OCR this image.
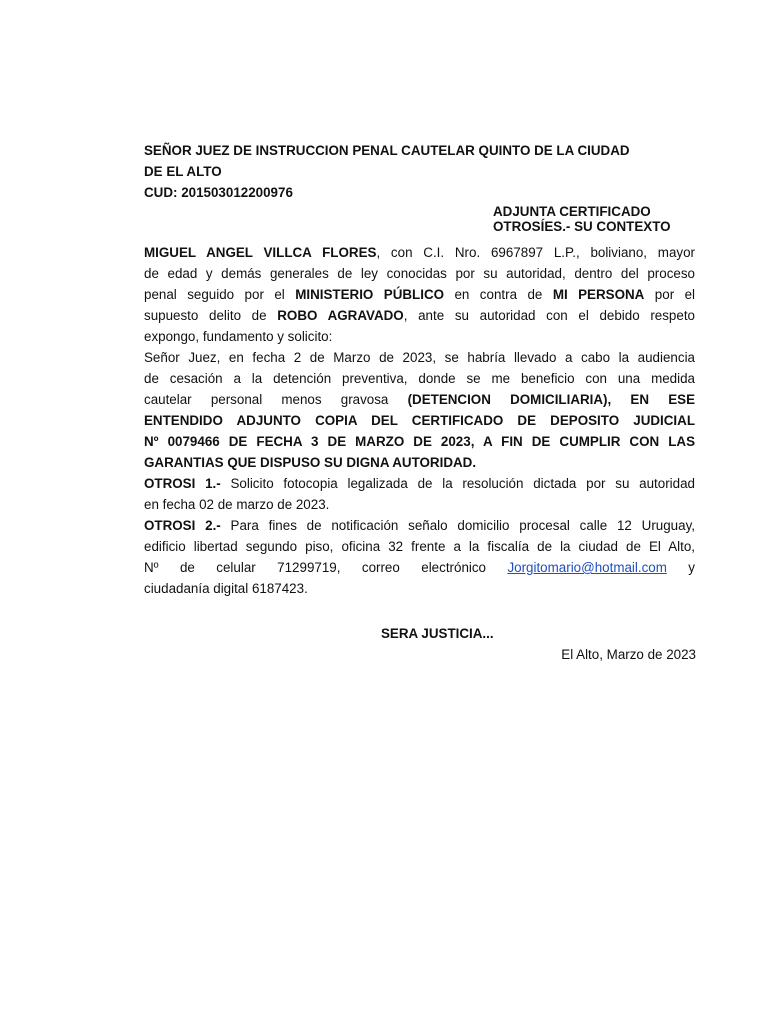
SEÑOR JUEZ DE INSTRUCCION PENAL CAUTELAR QUINTO DE LA CIUDAD
DE EL ALTO
CUD: 201503012200976
ADJUNTA CERTIFICADO
OTROSÍES.- SU CONTEXTO
MIGUEL ANGEL VILLCA FLORES, con C.I. Nro. 6967897 L.P., boliviano, mayor
de edad y demás generales de ley conocidas por su autoridad, dentro del proceso
penal seguido por el MINISTERIO PÚBLICO en contra de MI PERSONA por el
supuesto delito de ROBO AGRAVADO, ante su autoridad con el debido respeto
expongo, fundamento y solicito:
Señor Juez, en fecha 2 de Marzo de 2023, se habría llevado a cabo la audiencia
de cesación a la detención preventiva, donde se me beneficio con una medida
cautelar personal menos gravosa (DETENCION DOMICILIARIA), EN ESE
ENTENDIDO ADJUNTO COPIA DEL CERTIFICADO DE DEPOSITO JUDICIAL
Nº 0079466 DE FECHA 3 DE MARZO DE 2023, A FIN DE CUMPLIR CON LAS
GARANTIAS QUE DISPUSO SU DIGNA AUTORIDAD.
OTROSI 1.- Solicito fotocopia legalizada de la resolución dictada por su autoridad
en fecha 02 de marzo de 2023.
OTROSI 2.- Para fines de notificación señalo domicilio procesal calle 12 Uruguay,
edificio libertad segundo piso, oficina 32 frente a la fiscalía de la ciudad de El Alto,
Nº de celular 71299719, correo electrónico Jorgitomario@hotmail.com y
ciudadanía digital 6187423.
SERA JUSTICIA...
El Alto, Marzo de 2023
